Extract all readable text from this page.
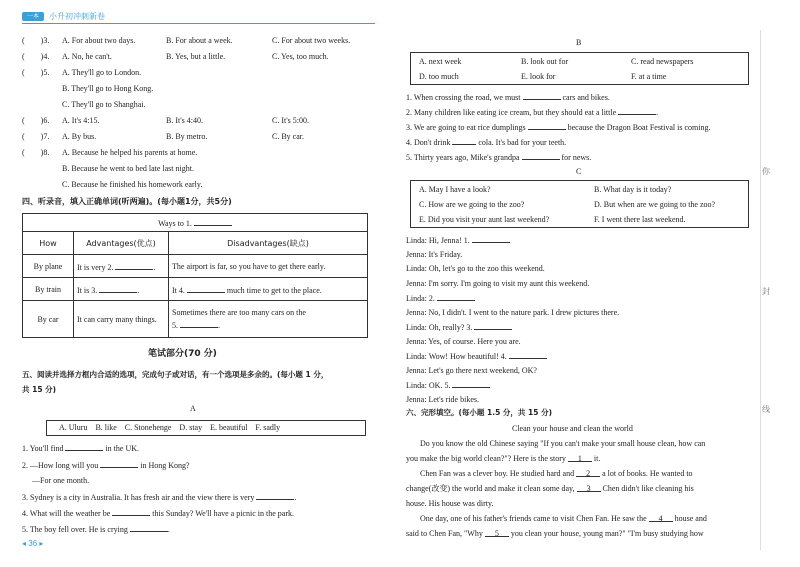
一本	小升初冲刺新卷
(　　)3. A. For about two days.	B. For about a week.	C. For about two weeks.
(　　)4. A. No, he can't.	B. Yes, but a little.	C. Yes, too much.
(　　)5. A. They'll go to London.
B. They'll go to Hong Kong.
C. They'll go to Shanghai.
(　　)6. A. It's 4:15.	B. It's 4:40.	C. It's 5:00.
(　　)7. A. By bus.	B. By metro.	C. By car.
(　　)8. A. Because he helped his parents at home.
B. Because he went to bed late last night.
C. Because he finished his homework early.
四、听录音，填入正确单词(听两遍)。(每小题1分，共5分)
Ways to 1.		
How	Advantages(优点)	Disadvantages(缺点)
By plane	It is very 2. .	The airport is far, so you have to get there early.
By train	It is 3. .	It 4. much time to get to the place.
By car	It can carry many things.	Sometimes there are too many cars on the
5. .
笔试部分(70 分)
五、阅读并选择方框内合适的选项，完成句子或对话，有一个选项是多余的。(每小题 1 分，
共 15 分)
A
A. Uluru　B. like　C. Stonehenge　D. stay　E. beautiful　F. sadly
1. You'll find	in the UK.
2. —How long will you	in Hong Kong?
—For one month.
3. Sydney is a city in Australia. It has fresh air and the view there is very	.
4. What will the weather be	this Sunday? We'll have a picnic in the park.
5. The boy fell over. He is crying	.
◂ 36 ▸
B
A. next week	B. look out for	C. read newspapers
D. too much	E. look for	F. at a time
1. When crossing the road, we must	cars and bikes.
2. Many children like eating ice cream, but they should eat a little	.
3. We are going to eat rice dumplings	because the Dragon Boat Festival is coming.
4. Don't drink	cola. It's bad for your teeth.
5. Thirty years ago, Mike's grandpa	for news.
C
A. May I have a look?	B. What day is it today?
C. How are we going to the zoo?	D. But when are we going to the zoo?
E. Did you visit your aunt last weekend?	F. I went there last weekend.
Linda: Hi, Jenna! 1.
Jenna: It's Friday.
Linda: Oh, let's go to the zoo this weekend.
Jenna: I'm sorry. I'm going to visit my aunt this weekend.
Linda: 2.
Jenna: No, I didn't. I went to the nature park. I drew pictures there.
Linda: Oh, really? 3.
Jenna: Yes, of course. Here you are.
Linda: Wow! How beautiful! 4.
Jenna: Let's go there next weekend, OK?
Linda: OK. 5.
Jenna: Let's ride bikes.
六、完形填空。(每小题 1.5 分，共 15 分)
Clean your house and clean the world
Do you know the old Chinese saying "If you can't make your small house clean, how can
you make the big world clean?"? Here is the story 1 it.
Chen Fan was a clever boy. He studied hard and 2 a lot of books. He wanted to
change(改变) the world and make it clean some day, 3 Chen didn't like cleaning his
house. His house was dirty.
One day, one of his father's friends came to visit Chen Fan. He saw the 4 house and
said to Chen Fan, "Why 5 you clean your house, young man?" "I'm busy studying how
你
封
线
